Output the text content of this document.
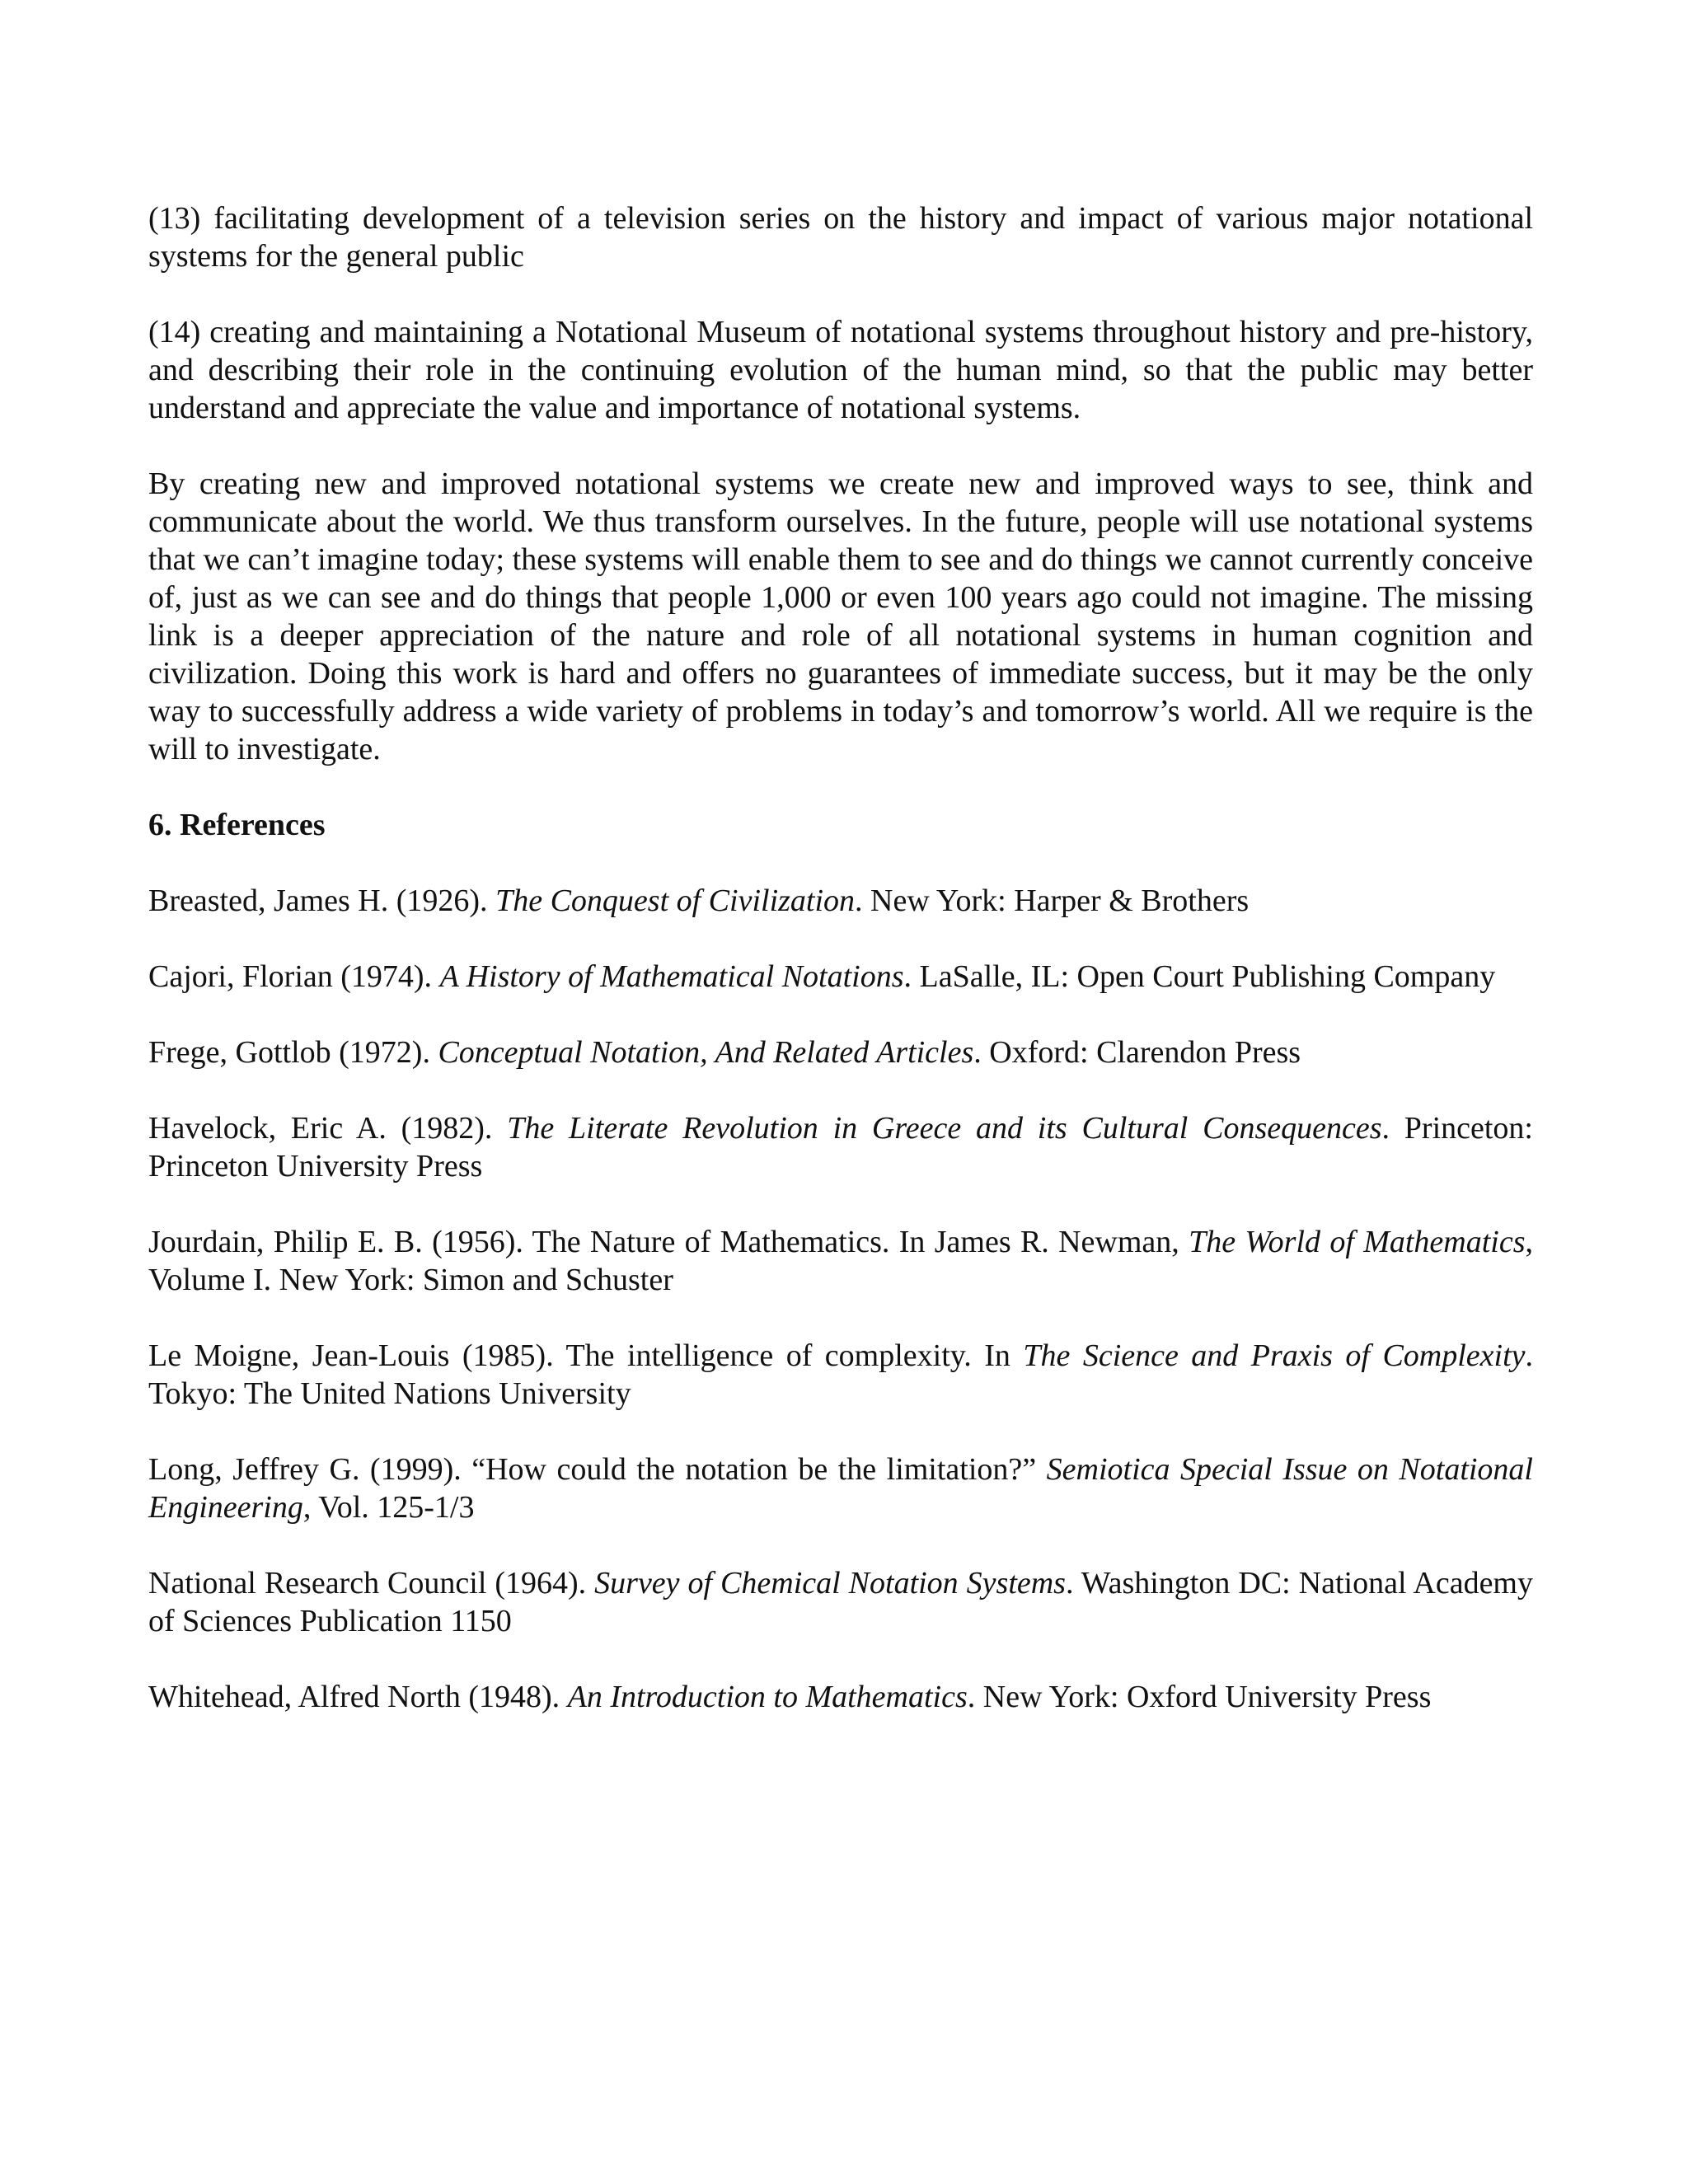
(13) facilitating development of a television series on the history and impact of various major notational systems for the general public

(14) creating and maintaining a Notational Museum of notational systems throughout history and pre-history, and describing their role in the continuing evolution of the human mind, so that the public may better understand and appreciate the value and importance of notational systems.

By creating new and improved notational systems we create new and improved ways to see, think and communicate about the world. We thus transform ourselves. In the future, people will use notational systems that we can’t imagine today; these systems will enable them to see and do things we cannot currently conceive of, just as we can see and do things that people 1,000 or even 100 years ago could not imagine. The missing link is a deeper appreciation of the nature and role of all notational systems in human cognition and civilization. Doing this work is hard and offers no guarantees of immediate success, but it may be the only way to successfully address a wide variety of problems in today’s and tomorrow’s world. All we require is the will to investigate.

6. References

Breasted, James H. (1926). The Conquest of Civilization. New York: Harper & Brothers

Cajori, Florian (1974). A History of Mathematical Notations. LaSalle, IL: Open Court Publishing Company

Frege, Gottlob (1972). Conceptual Notation, And Related Articles. Oxford: Clarendon Press

Havelock, Eric A. (1982). The Literate Revolution in Greece and its Cultural Consequences. Princeton: Princeton University Press

Jourdain, Philip E. B. (1956). The Nature of Mathematics. In James R. Newman, The World of Mathematics, Volume I. New York: Simon and Schuster

Le Moigne, Jean-Louis (1985). The intelligence of complexity. In The Science and Praxis of Complexity. Tokyo: The United Nations University

Long, Jeffrey G. (1999). “How could the notation be the limitation?” Semiotica Special Issue on Notational Engineering, Vol. 125-1/3

National Research Council (1964). Survey of Chemical Notation Systems. Washington DC: National Academy of Sciences Publication 1150

Whitehead, Alfred North (1948). An Introduction to Mathematics. New York: Oxford University Press
